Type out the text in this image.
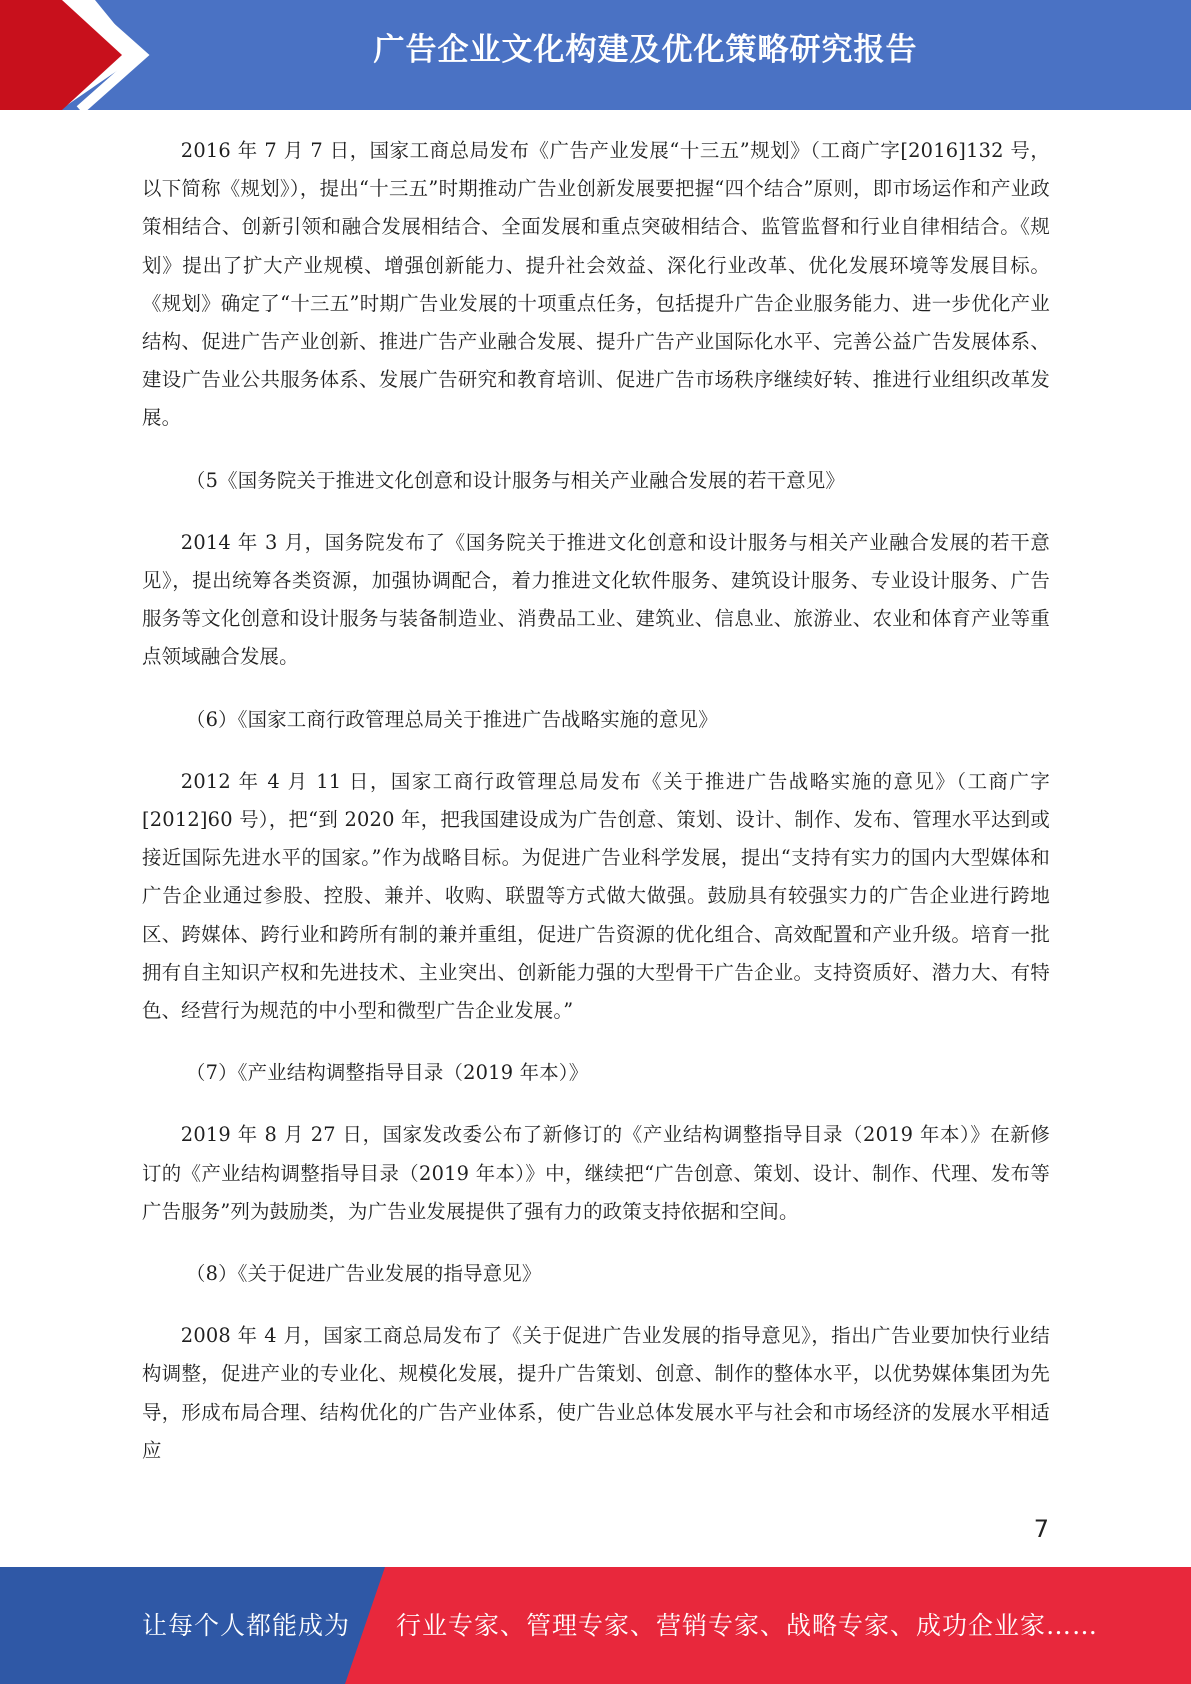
广告企业文化构建及优化策略研究报告

2016 年 7 月 7 日，国家工商总局发布《广告产业发展“十三五”规划》（工商广字[2016]132 号，以下简称《规划》），提出“十三五”时期推动广告业创新发展要把握“四个结合”原则，即市场运作和产业政策相结合、创新引领和融合发展相结合、全面发展和重点突破相结合、监管监督和行业自律相结合。《规划》提出了扩大产业规模、增强创新能力、提升社会效益、深化行业改革、优化发展环境等发展目标。《规划》确定了“十三五”时期广告业发展的十项重点任务，包括提升广告企业服务能力、进一步优化产业结构、促进广告产业创新、推进广告产业融合发展、提升广告产业国际化水平、完善公益广告发展体系、建设广告业公共服务体系、发展广告研究和教育培训、促进广告市场秩序继续好转、推进行业组织改革发展。

（5《国务院关于推进文化创意和设计服务与相关产业融合发展的若干意见》

2014 年 3 月，国务院发布了《国务院关于推进文化创意和设计服务与相关产业融合发展的若干意见》，提出统筹各类资源，加强协调配合，着力推进文化软件服务、建筑设计服务、专业设计服务、广告服务等文化创意和设计服务与装备制造业、消费品工业、建筑业、信息业、旅游业、农业和体育产业等重点领域融合发展。

（6）《国家工商行政管理总局关于推进广告战略实施的意见》

2012 年 4 月 11 日，国家工商行政管理总局发布《关于推进广告战略实施的意见》（工商广字[2012]60 号），把“到 2020 年，把我国建设成为广告创意、策划、设计、制作、发布、管理水平达到或接近国际先进水平的国家。”作为战略目标。为促进广告业科学发展，提出“支持有实力的国内大型媒体和广告企业通过参股、控股、兼并、收购、联盟等方式做大做强。鼓励具有较强实力的广告企业进行跨地区、跨媒体、跨行业和跨所有制的兼并重组，促进广告资源的优化组合、高效配置和产业升级。培育一批拥有自主知识产权和先进技术、主业突出、创新能力强的大型骨干广告企业。支持资质好、潜力大、有特色、经营行为规范的中小型和微型广告企业发展。”

（7）《产业结构调整指导目录（2019 年本）》

2019 年 8 月 27 日，国家发改委公布了新修订的《产业结构调整指导目录（2019 年本）》在新修订的《产业结构调整指导目录（2019 年本）》中，继续把“广告创意、策划、设计、制作、代理、发布等广告服务”列为鼓励类，为广告业发展提供了强有力的政策支持依据和空间。

（8）《关于促进广告业发展的指导意见》

2008 年 4 月，国家工商总局发布了《关于促进广告业发展的指导意见》，指出广告业要加快行业结构调整，促进产业的专业化、规模化发展，提升广告策划、创意、制作的整体水平，以优势媒体集团为先导，形成布局合理、结构优化的广告产业体系，使广告业总体发展水平与社会和市场经济的发展水平相适应

7
让每个人都能成为 行业专家、管理专家、营销专家、战略专家、成功企业家……
